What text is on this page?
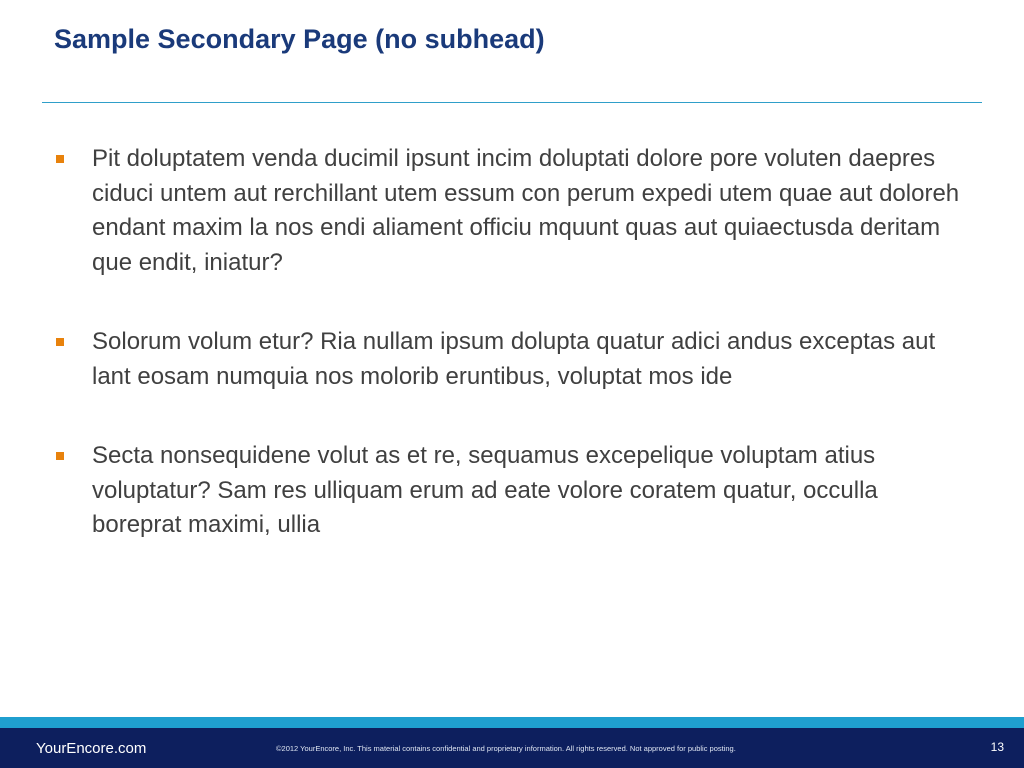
Sample Secondary Page (no subhead)
Pit doluptatem venda ducimil ipsunt incim doluptati dolore pore voluten daepres ciduci untem aut rerchillant utem essum con perum expedi utem quae aut doloreh endant maxim la nos endi aliament officiu mquunt quas aut quiaectusda deritam que endit, iniatur?
Solorum volum etur? Ria nullam ipsum dolupta quatur adici andus exceptas aut lant eosam numquia nos molorib eruntibus, voluptat mos ide
Secta nonsequidene volut as et re, sequamus excepelique voluptam atius voluptatur? Sam res ulliquam erum ad eate volore coratem quatur, occulla boreprat maximi, ullia
YourEncore.com	©2012 YourEncore, Inc. This material contains confidential and proprietary information. All rights reserved. Not approved for public posting.	13
